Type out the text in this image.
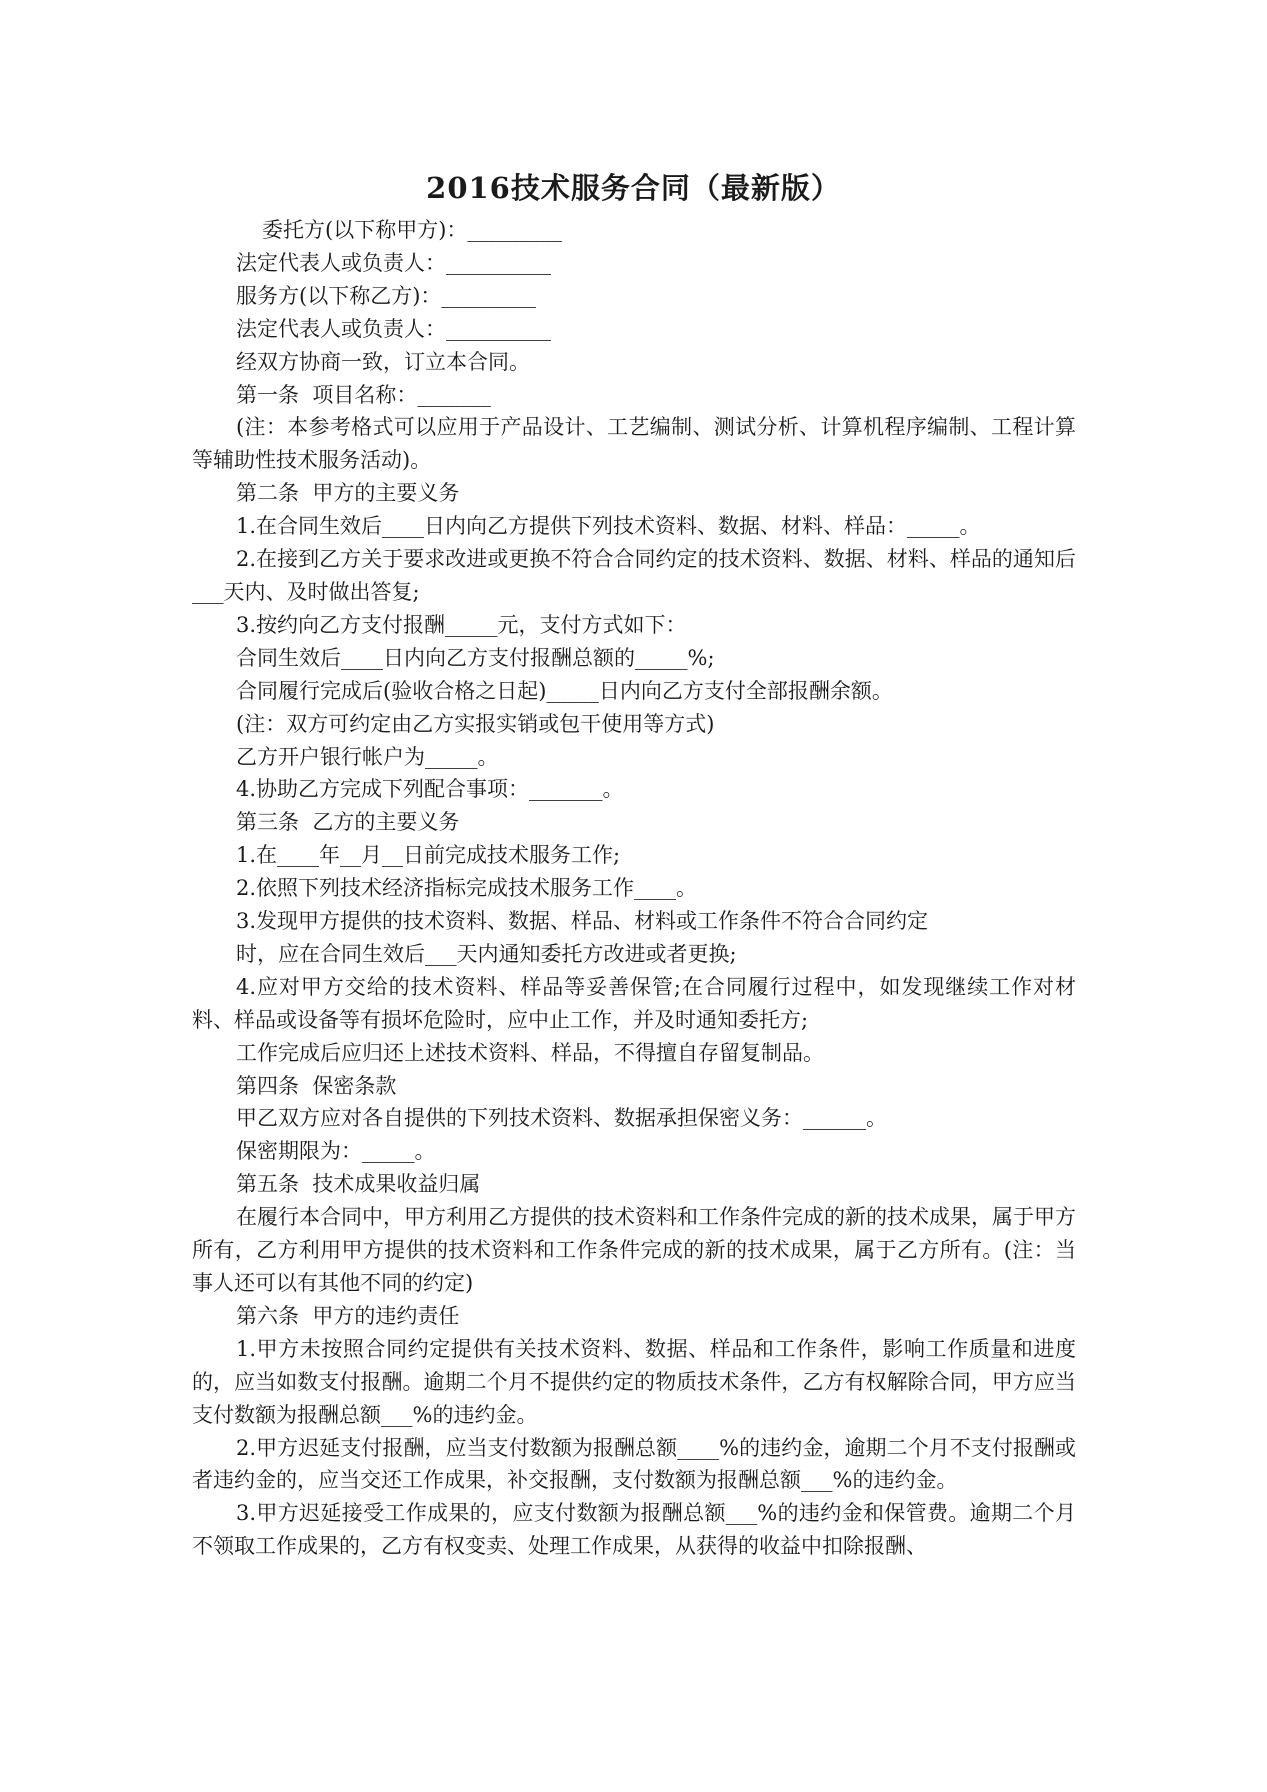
2016技术服务合同（最新版）

委托方(以下称甲方)：_________

法定代表人或负责人：__________

服务方(以下称乙方)：_________

法定代表人或负责人：__________

经双方协商一致，订立本合同。

第一条  项目名称：_______

(注：本参考格式可以应用于产品设计、工艺编制、测试分析、计算机程序编制、工程计算等辅助性技术服务活动)。

第二条  甲方的主要义务

1.在合同生效后____日内向乙方提供下列技术资料、数据、材料、样品：_____。

2.在接到乙方关于要求改进或更换不符合合同约定的技术资料、数据、材料、样品的通知后___天内、及时做出答复;

3.按约向乙方支付报酬_____元，支付方式如下：

合同生效后____日内向乙方支付报酬总额的_____%;

合同履行完成后(验收合格之日起)_____日内向乙方支付全部报酬余额。

(注：双方可约定由乙方实报实销或包干使用等方式)

乙方开户银行帐户为_____。

4.协助乙方完成下列配合事项：_______。

第三条  乙方的主要义务

1.在____年__月__日前完成技术服务工作;

2.依照下列技术经济指标完成技术服务工作____。

3.发现甲方提供的技术资料、数据、样品、材料或工作条件不符合合同约定

时，应在合同生效后___天内通知委托方改进或者更换;

4.应对甲方交给的技术资料、样品等妥善保管;在合同履行过程中，如发现继续工作对材料、样品或设备等有损坏危险时，应中止工作，并及时通知委托方;

工作完成后应归还上述技术资料、样品，不得擅自存留复制品。

第四条  保密条款

甲乙双方应对各自提供的下列技术资料、数据承担保密义务：______。

保密期限为：_____。

第五条  技术成果收益归属

在履行本合同中，甲方利用乙方提供的技术资料和工作条件完成的新的技术成果，属于甲方所有，乙方利用甲方提供的技术资料和工作条件完成的新的技术成果，属于乙方所有。(注：当事人还可以有其他不同的约定)

第六条  甲方的违约责任

1.甲方未按照合同约定提供有关技术资料、数据、样品和工作条件，影响工作质量和进度的，应当如数支付报酬。逾期二个月不提供约定的物质技术条件，乙方有权解除合同，甲方应当支付数额为报酬总额___%的违约金。

2.甲方迟延支付报酬，应当支付数额为报酬总额____%的违约金，逾期二个月不支付报酬或者违约金的，应当交还工作成果，补交报酬，支付数额为报酬总额___%的违约金。

3.甲方迟延接受工作成果的，应支付数额为报酬总额___%的违约金和保管费。逾期二个月不领取工作成果的，乙方有权变卖、处理工作成果，从获得的收益中扣除报酬、
